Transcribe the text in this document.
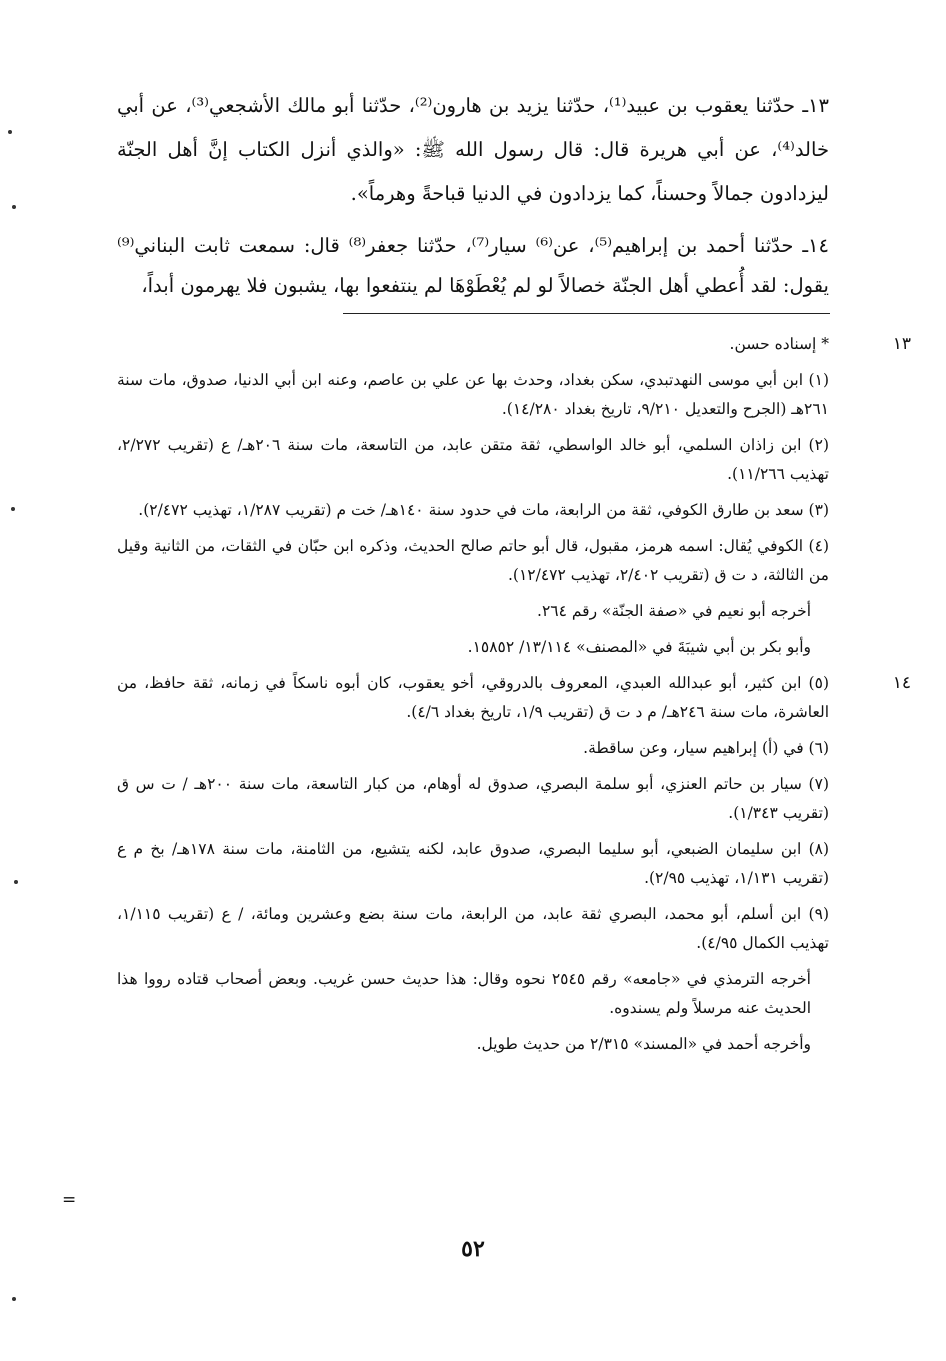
١٣ـ حدّثنا يعقوب بن عبيد⁽¹⁾، حدّثنا يزيد بن هارون⁽²⁾، حدّثنا أبو مالك الأشجعي⁽³⁾، عن أبي خالد⁽⁴⁾، عن أبي هريرة قال: قال رسول الله ﷺ: «والذي أنزل الكتاب إنَّ أهل الجنّة ليزدادون جمالاً وحسناً، كما يزدادون في الدنيا قباحةً وهرماً».

١٤ـ حدّثنا أحمد بن إبراهيم⁽⁵⁾، عن⁽⁶⁾ سيار⁽⁷⁾، حدّثنا جعفر⁽⁸⁾ قال: سمعت ثابت البناني⁽⁹⁾ يقول: لقد أُعطي أهل الجنّة خصالاً لو لم يُعْطَوْهَا لم ينتفعوا بها، يشبون فلا يهرمون أبداً،

١٣
* إسناده حسن.

(١) ابن أبي موسى النهدتبدي، سكن بغداد، وحدث بها عن علي بن عاصم، وعنه ابن أبي الدنيا، صدوق، مات سنة ٢٦١هـ (الجرح والتعديل ٩/٢١٠، تاريخ بغداد ١٤/٢٨٠).

(٢) ابن زاذان السلمي، أبو خالد الواسطي، ثقة متقن عابد، من التاسعة، مات سنة ٢٠٦هـ/ ع (تقريب ٢/٢٧٢، تهذيب ١١/٢٦٦).

(٣) سعد بن طارق الكوفي، ثقة من الرابعة، مات في حدود سنة ١٤٠هـ/ خت م (تقريب ١/٢٨٧، تهذيب ٢/٤٧٢).

(٤) الكوفي يُقال: اسمه هرمز، مقبول، قال أبو حاتم صالح الحديث، وذكره ابن حبّان في الثقات، من الثانية وقيل من الثالثة، د ت ق (تقريب ٢/٤٠٢، تهذيب ١٢/٤٧٢).

أخرجه أبو نعيم في «صفة الجنّة» رقم ٢٦٤.

وأبو بكر بن أبي شيبَةَ في «المصنف» ١٣/١١٤/ ١٥٨٥٢.

١٤
(٥) ابن كثير، أبو عبدالله العبدي، المعروف بالدروقي، أخو يعقوب، كان أبوه ناسكاً في زمانه، ثقة حافظ، من العاشرة، مات سنة ٢٤٦هـ/ م د ت ق (تقريب ١/٩، تاريخ بغداد ٤/٦).

(٦) في (أ) إبراهيم سيار، وعن ساقطة.

(٧) سيار بن حاتم العنزي، أبو سلمة البصري، صدوق له أوهام، من كبار التاسعة، مات سنة ٢٠٠هـ / ت س ق (تقريب ١/٣٤٣).

(٨) ابن سليمان الضبعي، أبو سليما البصري، صدوق عابد، لكنه يتشيع، من الثامنة، مات سنة ١٧٨هـ/ بخ م ع (تقريب ١/١٣١، تهذيب ٢/٩٥).

(٩) ابن أسلم، أبو محمد، البصري ثقة عابد، من الرابعة، مات سنة بضع وعشرين ومائة، / ع (تقريب ١/١١٥، تهذيب الكمال ٤/٩٥).

أخرجه الترمذي في «جامعه» رقم ٢٥٤٥ نحوه وقال: هذا حديث حسن غريب. وبعض أصحاب قتاده رووا هذا الحديث عنه مرسلاً ولم يسندوه.

وأخرجه أحمد في «المسند» ٢/٣١٥ من حديث طويل.

=
٥٢
